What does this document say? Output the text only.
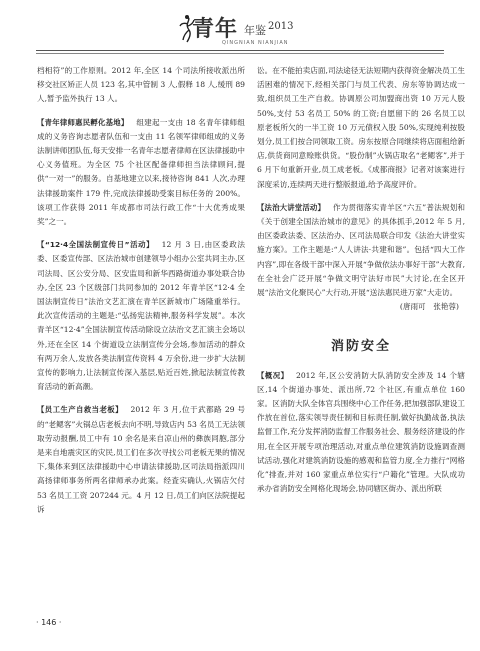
青年 年鉴 2013
QINGNIAN NIANJIAN

档相符”的工作原则。2012 年,全区 14 个司法所接收派出所移交社区矫正人员 123 名,其中管制 3 人,假释 18 人,缓刑 89 人,暂予监外执行 13 人。

【青年律师惠民孵化基地】  组建起一支由 18 名青年律师组成的义务咨询志愿者队伍和一支由 11 名领军律师组成的义务法制讲师团队伍,每天安排一名青年志愿者律师在区法律援助中心义务值班。为全区 75 个社区配备律师担当法律顾问,提供“一对一”的服务。自基地建立以来,接待咨询 841 人次,办理法律援助案件 179 件,完成法律援助受案目标任务的 200%。该项工作获得 2011 年成都市司法行政工作“十大优秀成果奖”之一。

【“12·4全国法制宣传日”活动】  12 月 3 日,由区委政法委、区委宣传部、区法治城市创建领导小组办公室共同主办,区司法局、区公安分局、区安监局和新华西路街道办事处联合协办,全区 23 个区级部门共同参加的 2012 年青羊区“12·4 全国法制宣传日”法治文艺汇演在青羊区新城市广场隆重举行。此次宣传活动的主题是:“弘扬宪法精神,服务科学发展”。本次青羊区“12·4”全国法制宣传活动除设立法治文艺汇演主会场以外,还在全区 14 个街道设立法制宣传分会场,参加活动的群众有两万余人,发放各类法制宣传资料 4 万余份,进一步扩大法制宣传的影响力,让法制宣传深入基层,贴近百姓,掀起法制宣传教育活动的新高潮。

【员工生产自救当老板】  2012 年 3 月,位于武都路 29 号的“老鳃客”火锅总店老板去向不明,导致店内 53 名员工无法领取劳动报酬,员工中有 10 余名是来自凉山州的彝族同胞,部分是来自地震灾区的灾民,员工们在多次寻找公司老板无果的情况下,集体来到区法律援助中心申请法律援助,区司法局指派四川高扬律师事务所两名律师承办此案。经査实确认,火锅店欠付 53 名员工工资 207244 元。4 月 12 日,员工们向区法院提起诉

讼。在不能拍卖店面,司法途径无法短期内获得资金解决员工生活困难的情况下,经相关部门与员工代表、房东等协调达成一致,组织员工生产自救。协调原公司加盟商出资 10 万元人股 50%,支付 53 名员工 50% 的工资;自愿留下的 26 名员工以原老板所欠的一半工资 10 万元债权入股 50%,实现纯利按股划分,员工们按合同领取工资。房东按原合同继续将店面租给新店,供货商同意赊账供货。“股份制”火锅店取名“老鳃客”,并于 6 月下旬重新开业,员工成老板。《成都商报》记者对该案进行深度采访,连续两天进行整版报道,给予高度评价。

【法治大讲堂活动】  作为贯彻落实青羊区“六五”普法规划和《关于创建全国法治城市的意见》的具体抓手,2012 年 5 月,由区委政法委、区法治办、区司法局联合印发《法治大讲堂实施方案》。工作主题是:“人人讲法·共建和谐”。包括“四大工作内容”,即在各级干部中深入开展“争做依法办事好干部”大教育,在全社会广泛开展“争做文明守法好市民”大讨论,在全区开展“法治文化聚民心”大行动,开展“送法惠民进万家”大走访。

(唐雨可　张艳蓉)

消防安全

【概况】  2012 年,区公安消防大队消防安全涉及 14 个辖区,14 个街道办事处、派出所,72 个社区,有重点单位 160 家。区消防大队全体官兵围绕中心工作任务,把加强部队建设工作放在首位,落实领导责任制和目标责任制,做好执勤战备,执法监督工作,充分发挥消防监督工作服务社会、服务经济建设的作用,在全区开展专项治理活动,对重点单位建筑消防设施调查测试活动,强化对建筑消防设施的感观和监管力度,全力推行“网格化”排查,并对 160 家重点单位实行“户籍化”管理。大队成功承办省消防安全网格化现场会,协同辖区街办、派出所联

· 146 ·
